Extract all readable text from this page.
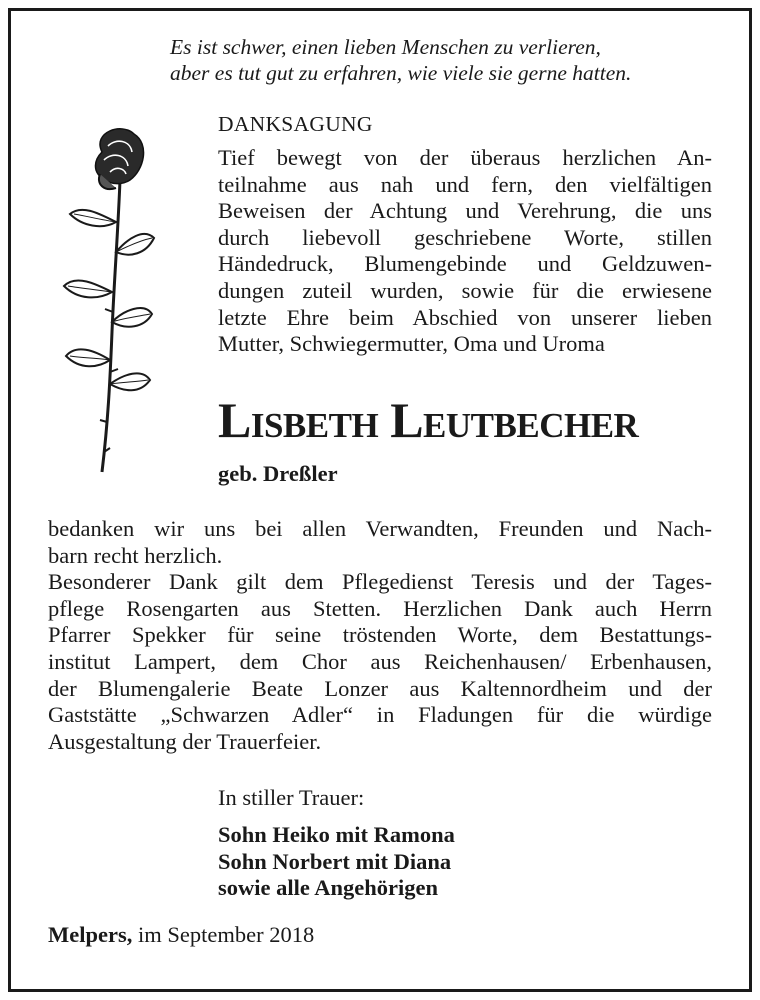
Es ist schwer, einen lieben Menschen zu verlieren,
aber es tut gut zu erfahren, wie viele sie gerne hatten.

DANKSAGUNG

Tief bewegt von der überaus herzlichen An-
teilnahme aus nah und fern, den vielfältigen
Beweisen der Achtung und Verehrung, die uns
durch liebevoll geschriebene Worte, stillen
Händedruck, Blumengebinde und Geldzuwen-
dungen zuteil wurden, sowie für die erwiesene
letzte Ehre beim Abschied von unserer lieben
Mutter, Schwiegermutter, Oma und Uroma

Lisbeth Leutbecher

geb. Dreßler

bedanken wir uns bei allen Verwandten, Freunden und Nach-
barn recht herzlich.
Besonderer Dank gilt dem Pflegedienst Teresis und der Tages-
pflege Rosengarten aus Stetten. Herzlichen Dank auch Herrn
Pfarrer Spekker für seine tröstenden Worte, dem Bestattungs-
institut Lampert, dem Chor aus Reichenhausen/ Erbenhausen,
der Blumengalerie Beate Lonzer aus Kaltennordheim und der
Gaststätte „Schwarzen Adler“ in Fladungen für die würdige
Ausgestaltung der Trauerfeier.

In stiller Trauer:

Sohn Heiko mit Ramona
Sohn Norbert mit Diana
sowie alle Angehörigen

Melpers, im September 2018
